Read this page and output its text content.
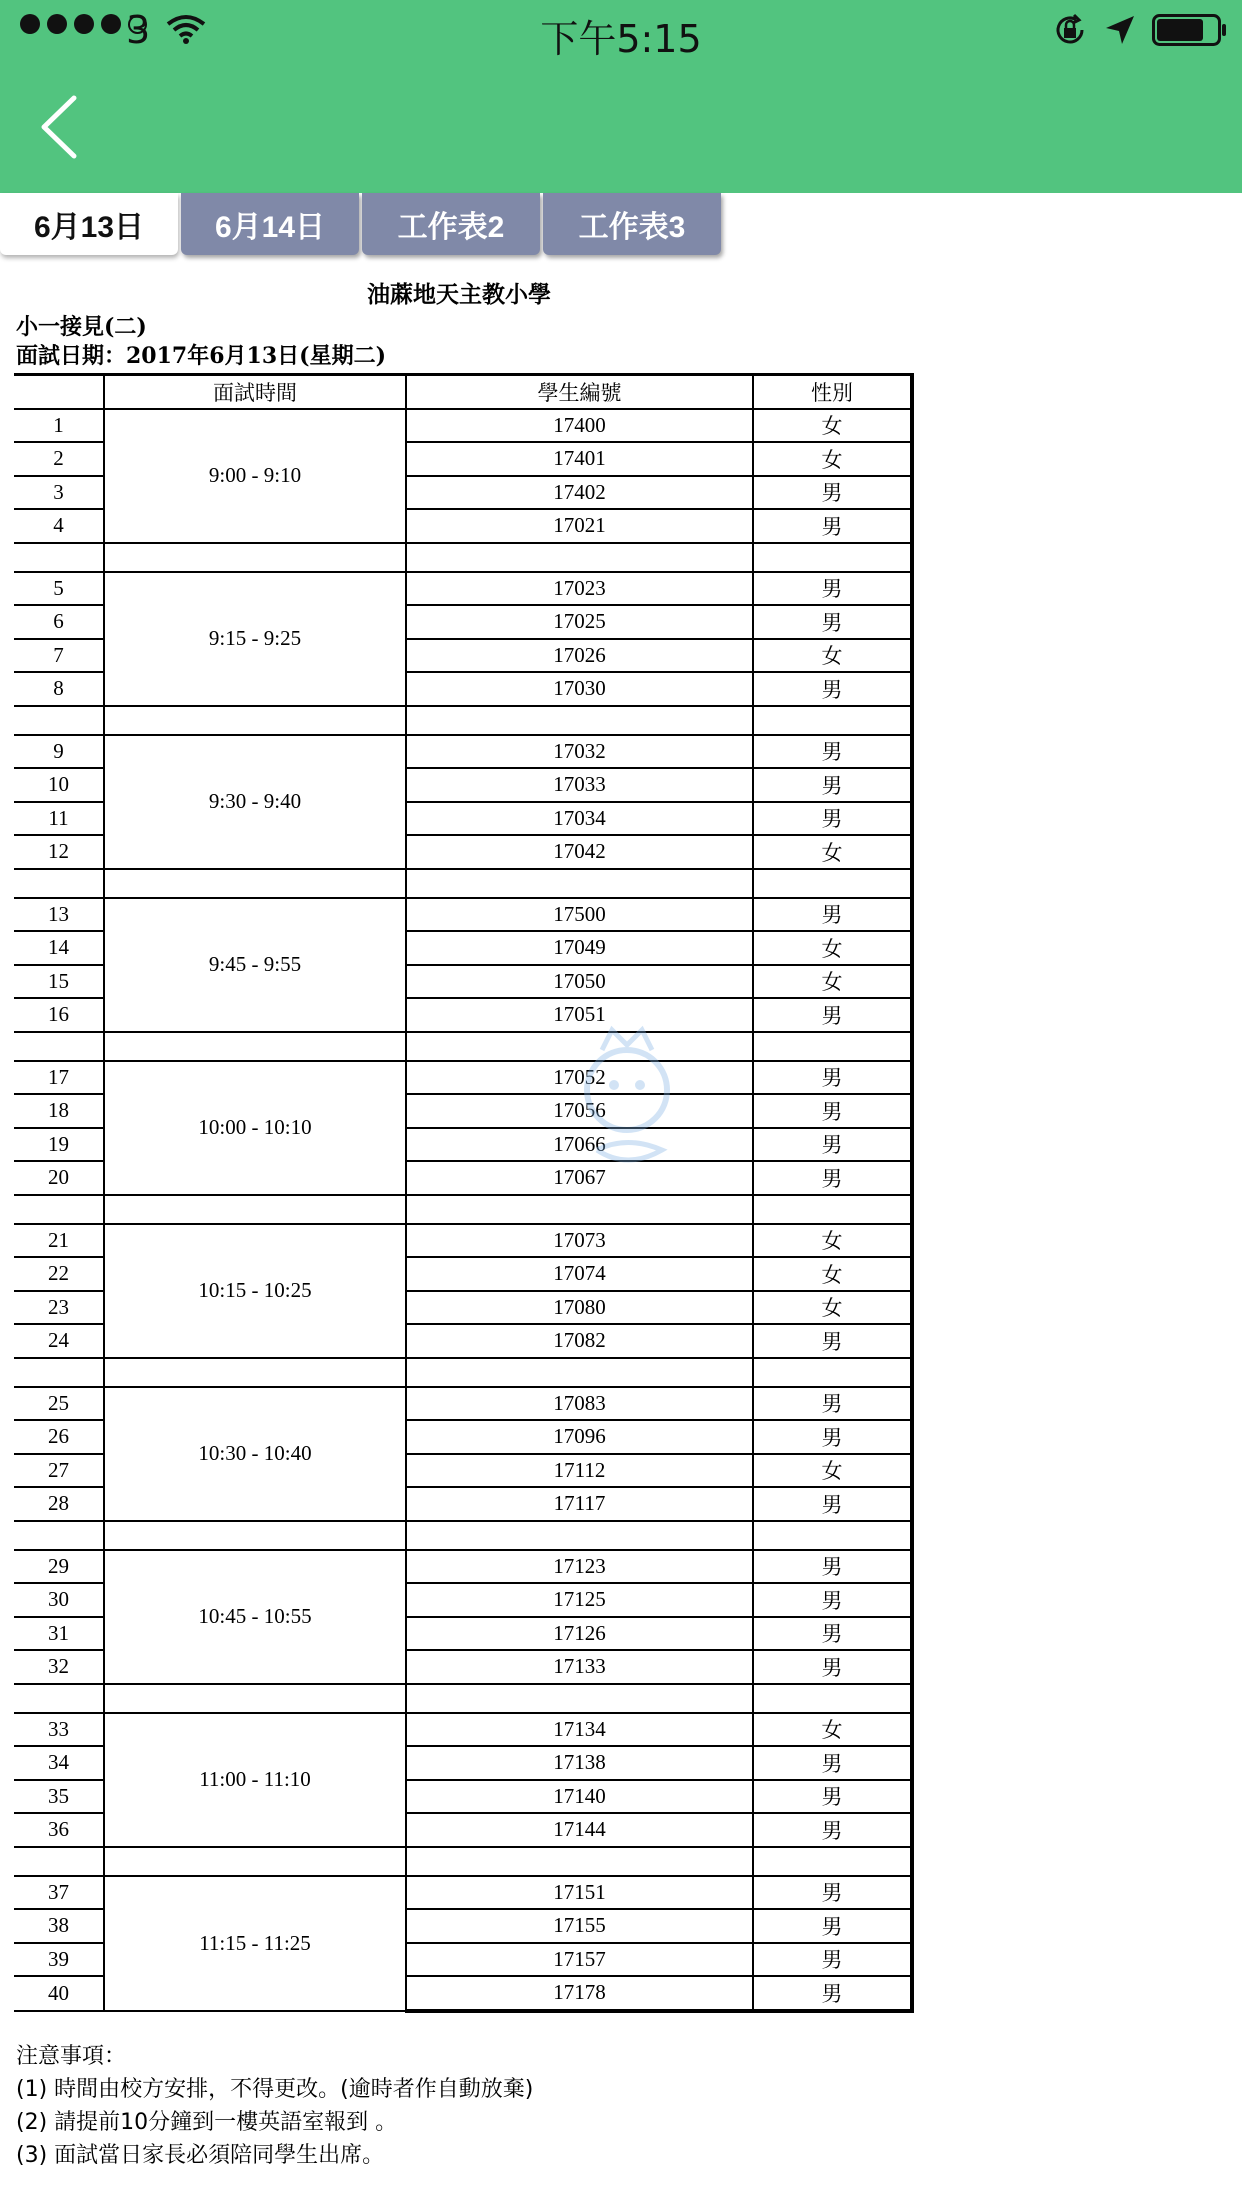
3	下午5:15
6月13日	6月14日	工作表2	工作表3
油蔴地天主教小學
小一接見(二)
面試日期：2017年6月13日(星期二)
	面試時間	學生編號	性別
1	9:00 - 9:10	17400	女
2		17401	女
3		17402	男
4		17021	男

5	9:15 - 9:25	17023	男
6		17025	男
7		17026	女
8		17030	男

9	9:30 - 9:40	17032	男
10		17033	男
11		17034	男
12		17042	女

13	9:45 - 9:55	17500	男
14		17049	女
15		17050	女
16		17051	男

17	10:00 - 10:10	17052	男
18		17056	男
19		17066	男
20		17067	男

21	10:15 - 10:25	17073	女
22		17074	女
23		17080	女
24		17082	男

25	10:30 - 10:40	17083	男
26		17096	男
27		17112	女
28		17117	男

29	10:45 - 10:55	17123	男
30		17125	男
31		17126	男
32		17133	男

33	11:00 - 11:10	17134	女
34		17138	男
35		17140	男
36		17144	男

37	11:15 - 11:25	17151	男
38		17155	男
39		17157	男
40		17178	男
注意事項：
(1) 時間由校方安排，不得更改。(逾時者作自動放棄)
(2) 請提前10分鐘到一樓英語室報到 。
(3) 面試當日家長必須陪同學生出席。
